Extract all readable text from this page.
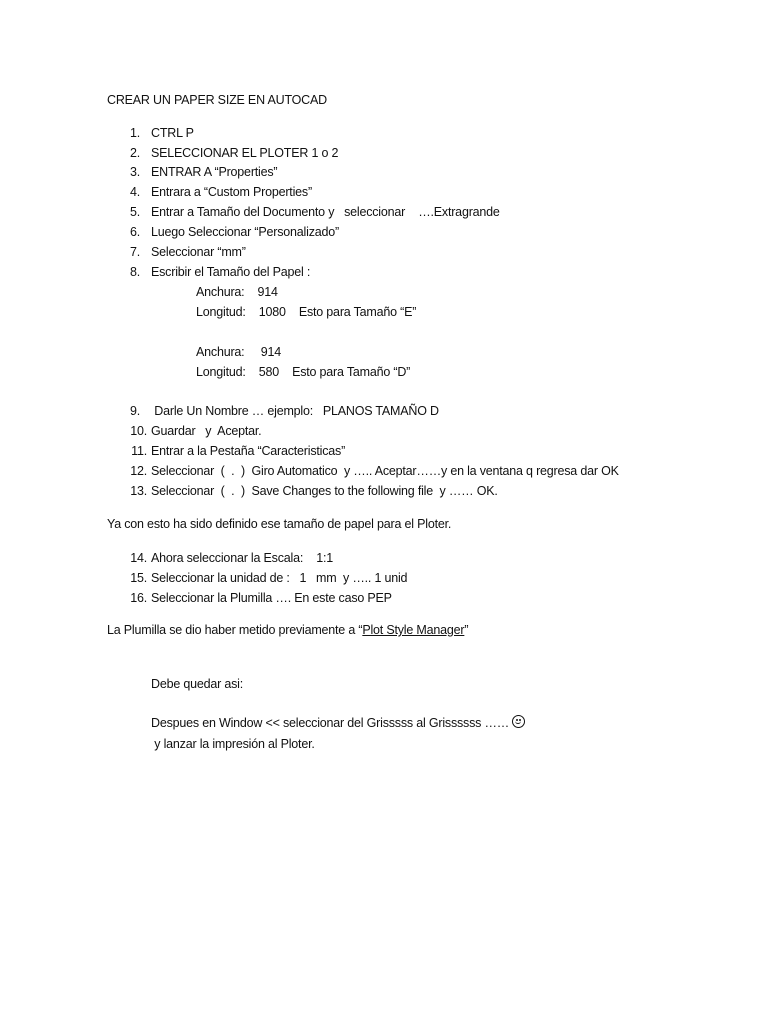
CREAR UN PAPER SIZE EN AUTOCAD
1. CTRL P
2. SELECCIONAR EL PLOTER 1 o 2
3. ENTRAR A “Properties”
4. Entrara a “Custom Properties”
5. Entrar a Tamaño del Documento y   seleccionar    ….Extragrande
6. Luego Seleccionar “Personalizado”
7. Seleccionar “mm”
8. Escribir el Tamaño del Papel :
Anchura:    914
Longitud:    1080    Esto para Tamaño “E”
Anchura:     914
Longitud:    580    Esto para Tamaño “D”
9. Darle Un Nombre … ejemplo:   PLANOS TAMAÑO D
10. Guardar   y  Aceptar.
11. Entrar a la Pestaña “Caracteristicas”
12. Seleccionar  (  .  )  Giro Automatico  y ….. Aceptar……y en la ventana q regresa dar OK
13. Seleccionar  (  .  )  Save Changes to the following file  y …… OK.
Ya con esto ha sido definido ese tamaño de papel para el Ploter.
14. Ahora seleccionar la Escala:    1:1
15. Seleccionar la unidad de :   1   mm  y ….. 1 unid
16. Seleccionar la Plumilla …. En este caso PEP
La Plumilla se dio haber metido previamente a “Plot Style Manager”
Debe quedar asi:
Despues en Window << seleccionar del Grisssss al Grissssss ……
y lanzar la impresión al Ploter.
